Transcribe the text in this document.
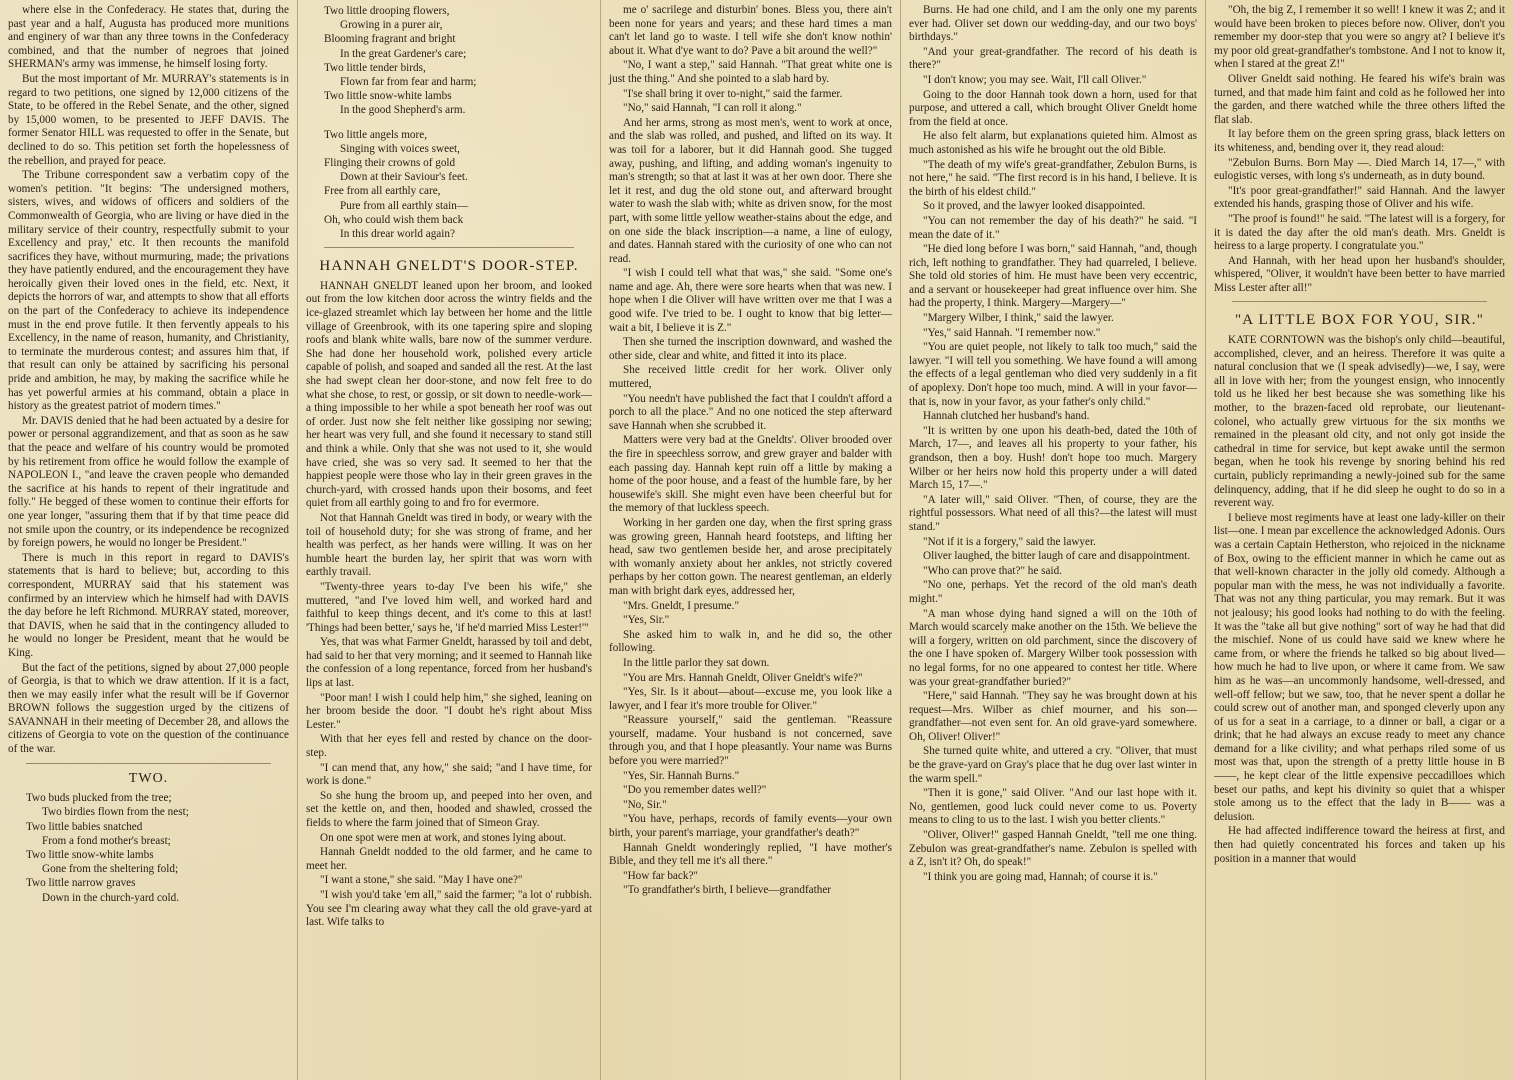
where else in the Confederacy. He states that, during the past year and a half, Augusta has produced more munitions and enginery of war than any three towns in the Confederacy combined, and that the number of negroes that joined SHERMAN's army was immense, he himself losing forty.

But the most important of Mr. MURRAY's statements is in regard to two petitions, one signed by 12,000 citizens of the State, to be offered in the Rebel Senate, and the other, signed by 15,000 women, to be presented to JEFF DAVIS. The former Senator HILL was requested to offer in the Senate, but declined to do so. This petition set forth the hopelessness of the rebellion, and prayed for peace.

The Tribune correspondent saw a verbatim copy of the women's petition. "It begins: 'The undersigned mothers, sisters, wives, and widows of officers and soldiers of the Commonwealth of Georgia, who are living or have died in the military service of their country, respectfully submit to your Excellency and pray,' etc. It then recounts the manifold sacrifices they have, without murmuring, made; the privations they have patiently endured, and the encouragement they have heroically given their loved ones in the field, etc. Next, it depicts the horrors of war, and attempts to show that all efforts on the part of the Confederacy to achieve its independence must in the end prove futile. It then fervently appeals to his Excellency, in the name of reason, humanity, and Christianity, to terminate the murderous contest; and assures him that, if that result can only be attained by sacrificing his personal pride and ambition, he may, by making the sacrifice while he has yet powerful armies at his command, obtain a place in history as the greatest patriot of modern times."

Mr. DAVIS denied that he had been actuated by a desire for power or personal aggrandizement, and that as soon as he saw that the peace and welfare of his country would be promoted by his retirement from office he would follow the example of NAPOLEON I., "and leave the craven people who demanded the sacrifice at his hands to repent of their ingratitude and folly." He begged of these women to continue their efforts for one year longer, "assuring them that if by that time peace did not smile upon the country, or its independence be recognized by foreign powers, he would no longer be President."

There is much in this report in regard to DAVIS's statements that is hard to believe; but, according to this correspondent, MURRAY said that his statement was confirmed by an interview which he himself had with DAVIS the day before he left Richmond. MURRAY stated, moreover, that DAVIS, when he said that in the contingency alluded to he would no longer be President, meant that he would be King.

But the fact of the petitions, signed by about 27,000 people of Georgia, is that to which we draw attention. If it is a fact, then we may easily infer what the result will be if Governor BROWN follows the suggestion urged by the citizens of SAVANNAH in their meeting of December 28, and allows the citizens of Georgia to vote on the question of the continuance of the war.

TWO.
Two buds plucked from the tree;
Two birdies flown from the nest;
Two little babies snatched
From a fond mother's breast;
Two little snow-white lambs
Gone from the sheltering fold;
Two little narrow graves
Down in the church-yard cold.
Two little drooping flowers,
Growing in a purer air,
Blooming fragrant and bright
In the great Gardener's care;
Two little tender birds,
Flown far from fear and harm;
Two little snow-white lambs
In the good Shepherd's arm.
Two little angels more,
Singing with voices sweet,
Flinging their crowns of gold
Down at their Saviour's feet.
Free from all earthly care,
Pure from all earthly stain—
Oh, who could wish them back
In this drear world again?
HANNAH GNELDT'S DOOR-STEP.

HANNAH GNELDT leaned upon her broom, and looked out from the low kitchen door across the wintry fields and the ice-glazed streamlet which lay between her home and the little village of Greenbrook, with its one tapering spire and sloping roofs and blank white walls, bare now of the summer verdure. She had done her household work, polished every article capable of polish, and soaped and sanded all the rest. At the last she had swept clean her door-stone, and now felt free to do what she chose, to rest, or gossip, or sit down to needle-work—a thing impossible to her while a spot beneath her roof was out of order. Just now she felt neither like gossiping nor sewing; her heart was very full, and she found it necessary to stand still and think a while. Only that she was not used to it, she would have cried, she was so very sad. It seemed to her that the happiest people were those who lay in their green graves in the church-yard, with crossed hands upon their bosoms, and feet quiet from all earthly going to and fro for evermore.

Not that Hannah Gneldt was tired in body, or weary with the toil of household duty; for she was strong of frame, and her health was perfect, as her hands were willing. It was on her humble heart the burden lay, her spirit that was worn with earthly travail.

"Twenty-three years to-day I've been his wife," she muttered, "and I've loved him well, and worked hard and faithful to keep things decent, and it's come to this at last! 'Things had been better,' says he, 'if he'd married Miss Lester!'"

Yes, that was what Farmer Gneldt, harassed by toil and debt, had said to her that very morning; and it seemed to Hannah like the confession of a long repentance, forced from her husband's lips at last.

"Poor man! I wish I could help him," she sighed, leaning on her broom beside the door. "I doubt he's right about Miss Lester."

With that her eyes fell and rested by chance on the door-step.

"I can mend that, any how," she said; "and I have time, for work is done."

So she hung the broom up, and peeped into her oven, and set the kettle on, and then, hooded and shawled, crossed the fields to where the farm joined that of Simeon Gray.

On one spot were men at work, and stones lying about.

Hannah Gneldt nodded to the old farmer, and he came to meet her.

"I want a stone," she said. "May I have one?"

"I wish you'd take 'em all," said the farmer; "a lot o' rubbish. You see I'm clearing away what they call the old grave-yard at last. Wife talks to

me o' sacrilege and disturbin' bones. Bless you, there ain't been none for years and years; and these hard times a man can't let land go to waste. I tell wife she don't know nothin' about it. What d'ye want to do? Pave a bit around the well?"

"No, I want a step," said Hannah. "That great white one is just the thing." And she pointed to a slab hard by.

"I'se shall bring it over to-night," said the farmer.

"No," said Hannah, "I can roll it along."

And her arms, strong as most men's, went to work at once, and the slab was rolled, and pushed, and lifted on its way. It was toil for a laborer, but it did Hannah good. She tugged away, pushing, and lifting, and adding woman's ingenuity to man's strength; so that at last it was at her own door. There she let it rest, and dug the old stone out, and afterward brought water to wash the slab with; white as driven snow, for the most part, with some little yellow weather-stains about the edge, and on one side the black inscription—a name, a line of eulogy, and dates. Hannah stared with the curiosity of one who can not read.

"I wish I could tell what that was," she said. "Some one's name and age. Ah, there were sore hearts when that was new. I hope when I die Oliver will have written over me that I was a good wife. I've tried to be. I ought to know that big letter—wait a bit, I believe it is Z."

Then she turned the inscription downward, and washed the other side, clear and white, and fitted it into its place.

She received little credit for her work. Oliver only muttered,

"You needn't have published the fact that I couldn't afford a porch to all the place." And no one noticed the step afterward save Hannah when she scrubbed it.

Matters were very bad at the Gneldts'. Oliver brooded over the fire in speechless sorrow, and grew grayer and balder with each passing day. Hannah kept ruin off a little by making a home of the poor house, and a feast of the humble fare, by her housewife's skill. She might even have been cheerful but for the memory of that luckless speech.

Working in her garden one day, when the first spring grass was growing green, Hannah heard footsteps, and lifting her head, saw two gentlemen beside her, and arose precipitately with womanly anxiety about her ankles, not strictly covered perhaps by her cotton gown. The nearest gentleman, an elderly man with bright dark eyes, addressed her,

"Mrs. Gneldt, I presume."

"Yes, Sir."

She asked him to walk in, and he did so, the other following.

In the little parlor they sat down.

"You are Mrs. Hannah Gneldt, Oliver Gneldt's wife?"

"Yes, Sir. Is it about—about—excuse me, you look like a lawyer, and I fear it's more trouble for Oliver."

"Reassure yourself," said the gentleman. "Reassure yourself, madame. Your husband is not concerned, save through you, and that I hope pleasantly. Your name was Burns before you were married?"

"Yes, Sir. Hannah Burns."

"Do you remember dates well?"

"No, Sir."

"You have, perhaps, records of family events—your own birth, your parent's marriage, your grandfather's death?"

Hannah Gneldt wonderingly replied, "I have mother's Bible, and they tell me it's all there."

"How far back?"

"To grandfather's birth, I believe—grandfather

Burns. He had one child, and I am the only one my parents ever had. Oliver set down our wedding-day, and our two boys' birthdays."

"And your great-grandfather. The record of his death is there?"

"I don't know; you may see. Wait, I'll call Oliver."

Going to the door Hannah took down a horn, used for that purpose, and uttered a call, which brought Oliver Gneldt home from the field at once.

He also felt alarm, but explanations quieted him. Almost as much astonished as his wife he brought out the old Bible.

"The death of my wife's great-grandfather, Zebulon Burns, is not here," he said. "The first record is in his hand, I believe. It is the birth of his eldest child."

So it proved, and the lawyer looked disappointed.

"You can not remember the day of his death?" he said. "I mean the date of it."

"He died long before I was born," said Hannah, "and, though rich, left nothing to grandfather. They had quarreled, I believe. She told old stories of him. He must have been very eccentric, and a servant or housekeeper had great influence over him. She had the property, I think. Margery—Margery—"

"Margery Wilber, I think," said the lawyer.

"Yes," said Hannah. "I remember now."

"You are quiet people, not likely to talk too much," said the lawyer. "I will tell you something. We have found a will among the effects of a legal gentleman who died very suddenly in a fit of apoplexy. Don't hope too much, mind. A will in your favor—that is, now in your favor, as your father's only child."

Hannah clutched her husband's hand.

"It is written by one upon his death-bed, dated the 10th of March, 17—, and leaves all his property to your father, his grandson, then a boy. Hush! don't hope too much. Margery Wilber or her heirs now hold this property under a will dated March 15, 17—."

"A later will," said Oliver. "Then, of course, they are the rightful possessors. What need of all this?—the latest will must stand."

"Not if it is a forgery," said the lawyer.

Oliver laughed, the bitter laugh of care and disappointment.

"Who can prove that?" he said.

"No one, perhaps. Yet the record of the old man's death might."

"A man whose dying hand signed a will on the 10th of March would scarcely make another on the 15th. We believe the will a forgery, written on old parchment, since the discovery of the one I have spoken of. Margery Wilber took possession with no legal forms, for no one appeared to contest her title. Where was your great-grandfather buried?"

"Here," said Hannah. "They say he was brought down at his request—Mrs. Wilber as chief mourner, and his son—grandfather—not even sent for. An old grave-yard somewhere. Oh, Oliver! Oliver!"

She turned quite white, and uttered a cry. "Oliver, that must be the grave-yard on Gray's place that he dug over last winter in the warm spell."

"Then it is gone," said Oliver. "And our last hope with it. No, gentlemen, good luck could never come to us. Poverty means to cling to us to the last. I wish you better clients."

"Oliver, Oliver!" gasped Hannah Gneldt, "tell me one thing. Zebulon was great-grandfather's name. Zebulon is spelled with a Z, isn't it? Oh, do speak!"

"I think you are going mad, Hannah; of course it is."

"Oh, the big Z, I remember it so well! I knew it was Z; and it would have been broken to pieces before now. Oliver, don't you remember my door-step that you were so angry at? I believe it's my poor old great-grandfather's tombstone. And I not to know it, when I stared at the great Z!"

Oliver Gneldt said nothing. He feared his wife's brain was turned, and that made him faint and cold as he followed her into the garden, and there watched while the three others lifted the flat slab.

It lay before them on the green spring grass, black letters on its whiteness, and, bending over it, they read aloud:

"Zebulon Burns. Born May —. Died March 14, 17—," with eulogistic verses, with long s's underneath, as in duty bound.

"It's poor great-grandfather!" said Hannah. And the lawyer extended his hands, grasping those of Oliver and his wife.

"The proof is found!" he said. "The latest will is a forgery, for it is dated the day after the old man's death. Mrs. Gneldt is heiress to a large property. I congratulate you."

And Hannah, with her head upon her husband's shoulder, whispered, "Oliver, it wouldn't have been better to have married Miss Lester after all!"

"A LITTLE BOX FOR YOU, SIR."

KATE CORNTOWN was the bishop's only child—beautiful, accomplished, clever, and an heiress. Therefore it was quite a natural conclusion that we (I speak advisedly)—we, I say, were all in love with her; from the youngest ensign, who innocently told us he liked her best because she was something like his mother, to the brazen-faced old reprobate, our lieutenant-colonel, who actually grew virtuous for the six months we remained in the pleasant old city, and not only got inside the cathedral in time for service, but kept awake until the sermon began, when he took his revenge by snoring behind his red curtain, publicly reprimanding a newly-joined sub for the same delinquency, adding, that if he did sleep he ought to do so in a reverent way.

I believe most regiments have at least one lady-killer on their list—one. I mean par excellence the acknowledged Adonis. Ours was a certain Captain Hetherston, who rejoiced in the nickname of Box, owing to the efficient manner in which he came out as that well-known character in the jolly old comedy. Although a popular man with the mess, he was not individually a favorite. That was not any thing particular, you may remark. But it was not jealousy; his good looks had nothing to do with the feeling. It was the "take all but give nothing" sort of way he had that did the mischief. None of us could have said we knew where he came from, or where the friends he talked so big about lived—how much he had to live upon, or where it came from. We saw him as he was—an uncommonly handsome, well-dressed, and well-off fellow; but we saw, too, that he never spent a dollar he could screw out of another man, and sponged cleverly upon any of us for a seat in a carriage, to a dinner or ball, a cigar or a drink; that he had always an excuse ready to meet any chance demand for a like civility; and what perhaps riled some of us most was that, upon the strength of a pretty little house in B——, he kept clear of the little expensive peccadilloes which beset our paths, and kept his divinity so quiet that a whisper stole among us to the effect that the lady in B—— was a delusion.

He had affected indifference toward the heiress at first, and then had quietly concentrated his forces and taken up his position in a manner that would
